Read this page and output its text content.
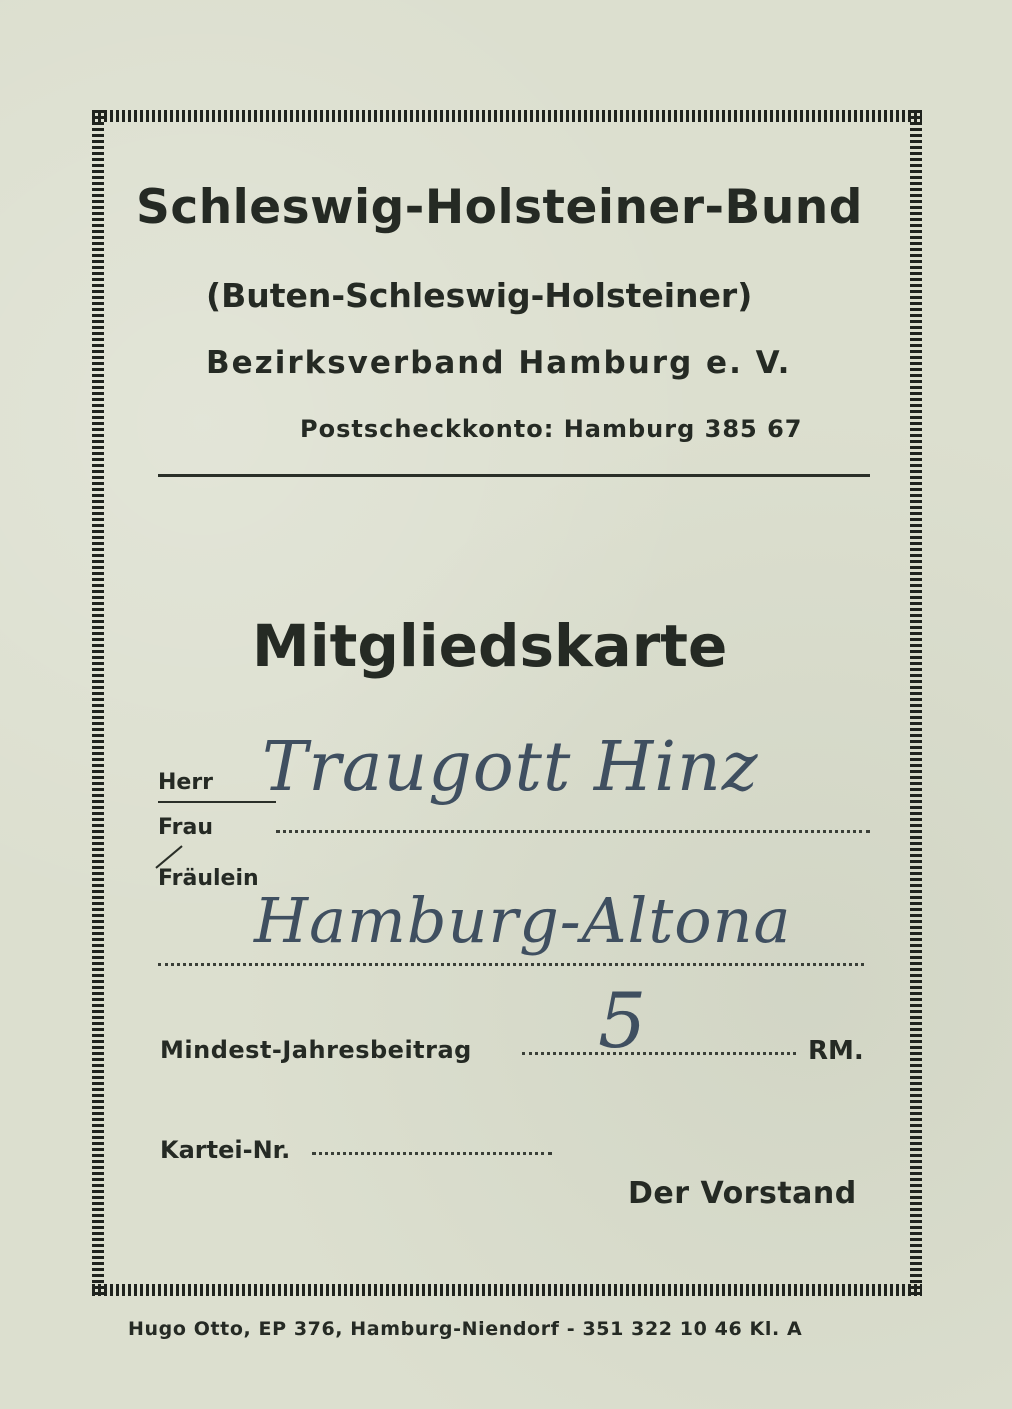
Schleswig-Holsteiner-Bund
(Buten-Schleswig-Holsteiner)
Bezirksverband Hamburg e. V.
Postscheckkonto: Hamburg 385 67
Mitgliedskarte
Herr
Frau
Fräulein
Traugott Hinz
Hamburg-Altona
Mindest-Jahresbeitrag 5	RM.
Kartei-Nr.
Der Vorstand
Hugo Otto, EP 376, Hamburg-Niendorf - 351 322 10 46 Kl. A
